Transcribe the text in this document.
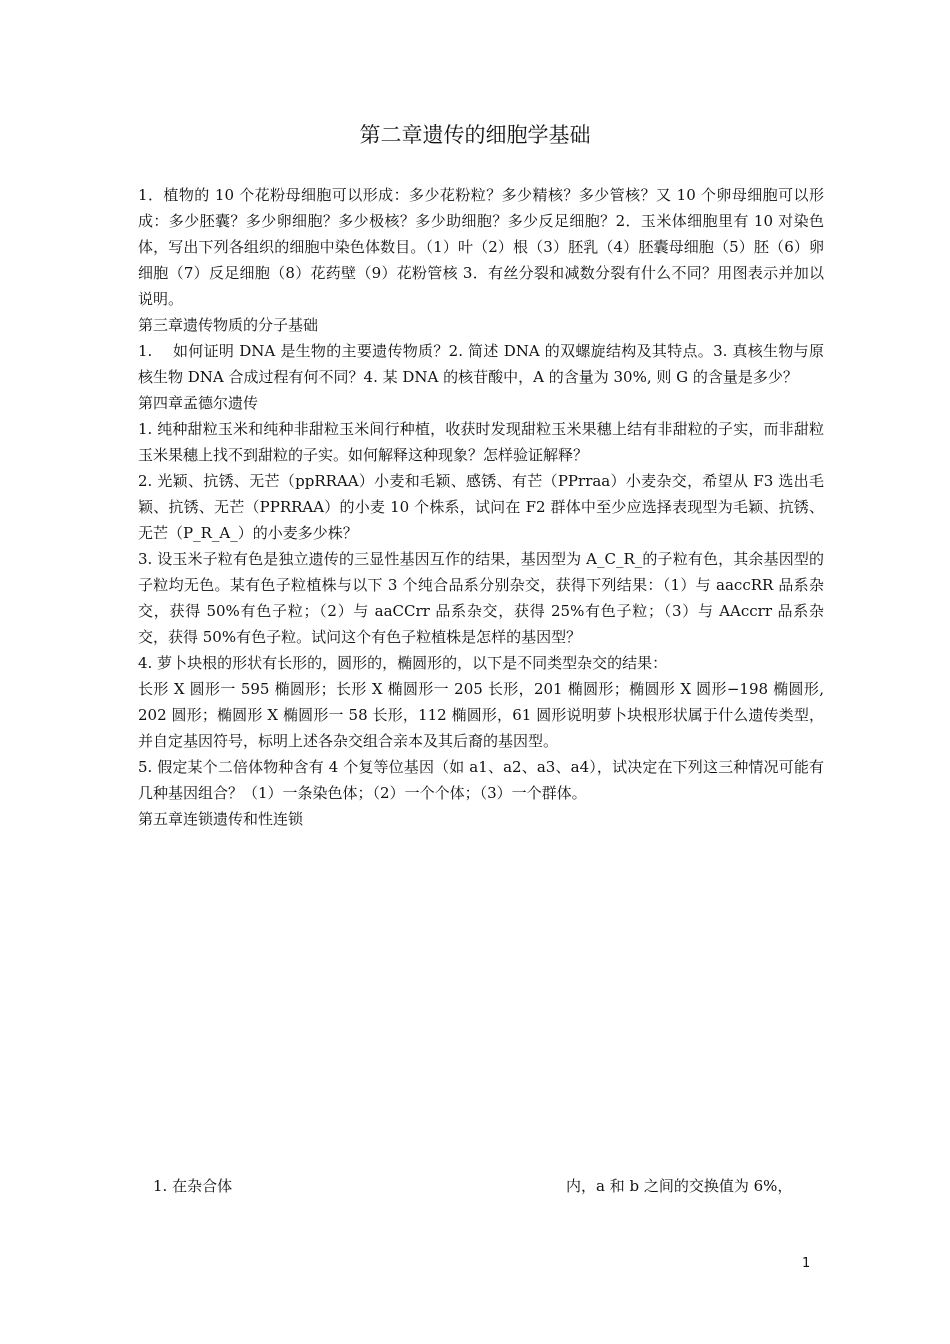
第二章遗传的细胞学基础

1．植物的 10 个花粉母细胞可以形成：多少花粉粒？多少精核？多少管核？又 10 个卵母细胞可以形成：多少胚囊？多少卵细胞？多少极核？多少助细胞？多少反足细胞？2．玉米体细胞里有 10 对染色体，写出下列各组织的细胞中染色体数目。（1）叶（2）根（3）胚乳（4）胚囊母细胞（5）胚（6）卵细胞（7）反足细胞（8）花药壁（9）花粉管核 3．有丝分裂和减数分裂有什么不同？用图表示并加以说明。

第三章遗传物质的分子基础

1.　 如何证明 DNA 是生物的主要遗传物质？2. 简述 DNA 的双螺旋结构及其特点。3. 真核生物与原核生物 DNA 合成过程有何不同？4. 某 DNA 的核苷酸中，A 的含量为 30%, 则 G 的含量是多少？

第四章孟德尔遗传

1. 纯种甜粒玉米和纯种非甜粒玉米间行种植，收获时发现甜粒玉米果穗上结有非甜粒的子实，而非甜粒玉米果穗上找不到甜粒的子实。如何解释这种现象？怎样验证解释？

2. 光颖、抗锈、无芒（ppRRAA）小麦和毛颖、感锈、有芒（PPrraa）小麦杂交，希望从 F3 选出毛颖、抗锈、无芒（PPRRAA）的小麦 10 个株系，试问在 F2 群体中至少应选择表现型为毛颖、抗锈、无芒（P_R_A_）的小麦多少株？

3. 设玉米子粒有色是独立遗传的三显性基因互作的结果，基因型为 A_C_R_的子粒有色，其余基因型的子粒均无色。某有色子粒植株与以下 3 个纯合品系分别杂交，获得下列结果：（1）与 aaccRR 品系杂交，获得 50%有色子粒；（2）与 aaCCrr 品系杂交，获得 25%有色子粒；（3）与 AAccrr 品系杂交，获得 50%有色子粒。试问这个有色子粒植株是怎样的基因型？

4. 萝卜块根的形状有长形的，圆形的，椭圆形的，以下是不同类型杂交的结果：

长形 X 圆形一 595 椭圆形；长形 X 椭圆形一 205 长形，201 椭圆形；椭圆形 X 圆形−198 椭圆形, 202 圆形；椭圆形 X 椭圆形一 58 长形，112 椭圆形，61 圆形说明萝卜块根形状属于什么遗传类型，并自定基因符号，标明上述各杂交组合亲本及其后裔的基因型。

5. 假定某个二倍体物种含有 4 个复等位基因（如 a1、a2、a3、a4），试决定在下列这三种情况可能有几种基因组合？（1）一条染色体；（2）一个个体；（3）一个群体。

第五章连锁遗传和性连锁

1. 在杂合体	内，a 和 b 之间的交换值为 6%，
1
